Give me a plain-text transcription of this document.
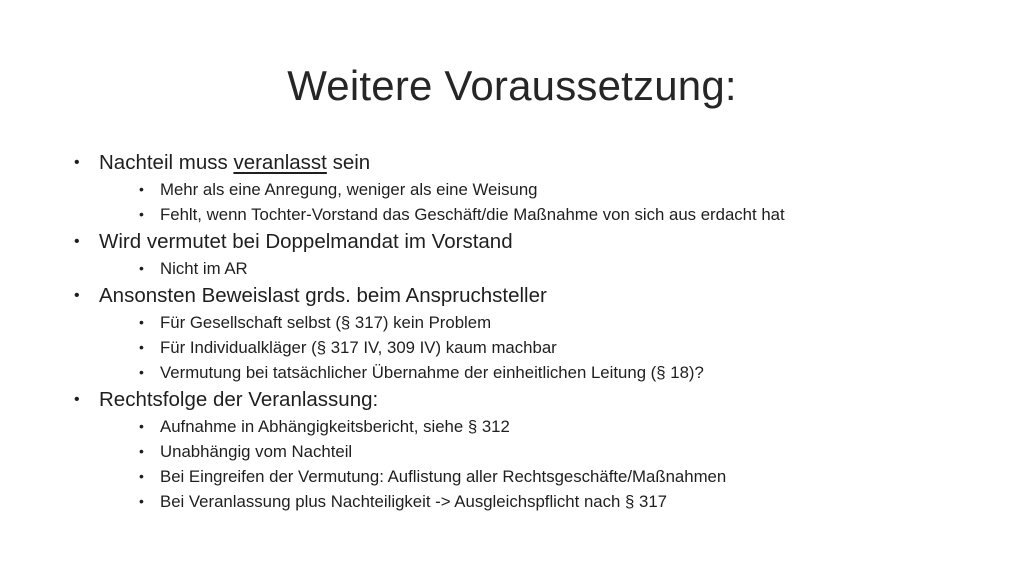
Weitere Voraussetzung:
• Nachteil muss veranlasst sein
• Mehr als eine Anregung, weniger als eine Weisung
• Fehlt, wenn Tochter-Vorstand das Geschäft/die Maßnahme von sich aus erdacht hat
• Wird vermutet bei Doppelmandat im Vorstand
• Nicht im AR
• Ansonsten Beweislast grds. beim Anspruchsteller
• Für Gesellschaft selbst (§ 317) kein Problem
• Für Individualkläger (§ 317 IV, 309 IV) kaum machbar
• Vermutung bei tatsächlicher Übernahme der einheitlichen Leitung (§ 18)?
• Rechtsfolge der Veranlassung:
• Aufnahme in Abhängigkeitsbericht, siehe § 312
• Unabhängig vom Nachteil
• Bei Eingreifen der Vermutung: Auflistung aller Rechtsgeschäfte/Maßnahmen
• Bei Veranlassung plus Nachteiligkeit -> Ausgleichspflicht nach § 317
